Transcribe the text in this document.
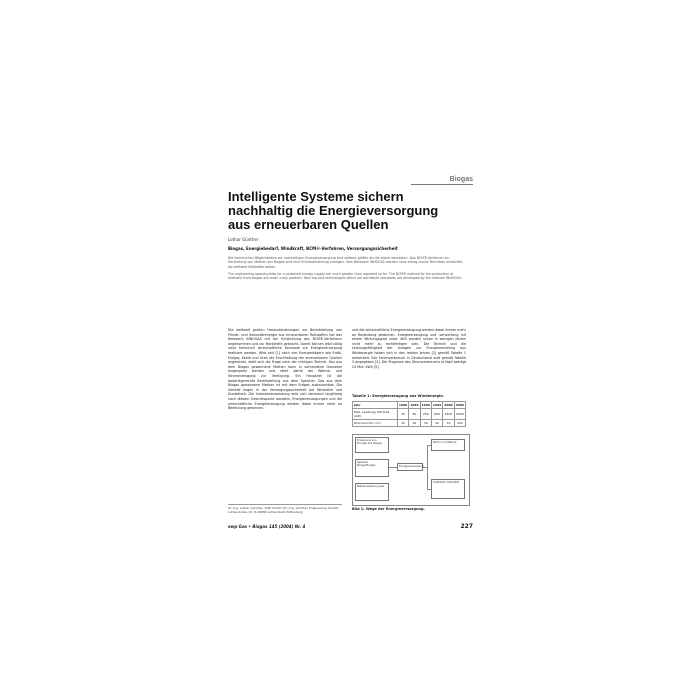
Biogas
Intelligente Systeme sichern nachhaltig die Energieversorgung aus erneuerbaren Quellen
Lothar Günther
Biogas, Energiebedarf, Windkraft, BCM®-Verfahren, Versorgungssicherheit

Die technischen Möglichkeiten zur nachhaltigen Energieversorgung sind weitaus größer als die bisher benutzten. Das BCM®-Verfahren zur Herstellung von Methan aus Biogas wird eine Schlüsselstellung erlangen. Vom Netzwerk INNOGAS werden neue ertrag-reiche Techniken entwickelt, die weltweit Maßstäbe setzen.

The engineering opportunities for a sustained energy supply are much greater than regarded so far. The BCM® method for the production of methane from biogas will reach a key position. New low-loss technologies which set worldwide standards are developed by the network INNOGAS.

Die weltweit großen Herausforderungen zur Bereitstellung von Primär- und Sekundärenergie aus erneuerbaren Rohstoffen hat das Netzwerk INNOGAS mit der Entwicklung des BCM®-Verfahrens angenommen und zur Marktreife gebracht. Damit können jetzt völlig neue technisch wirtschaftliche Konzepte zur Energieversorgung realisiert werden. Wird seit [1] nach vier Energieträgern wie Erdöl, Erdgas, Kohle und Uran die Erschließung der erneuerbaren Quellen angestrebt, stellt sich die Frage nach der richtigen Technik. Das aus dem Biogas gewonnene Methan kann in vorhandene Gasnetze eingespeist werden und steht damit der Wärme- und Stromerzeugung zur Verfügung. Ein Hauptziel ist die bedarfsgerechte Bereitstellung aus dem Speicher. Das aus dem Biogas gewonnene Methan ist mit dem Erdgas austauschbar. Die Vorteile liegen in der Versorgungssicherheit bei Windstille und Dunkelheit. Die Industrieanwendung wird sich demnach langfristig nach diesem Gesichtspunkt wandeln, Energieversorgungen und die wirtschaftliche Energieerzeugung werden dabei immer mehr an Bedeutung gewinnen.

und die wirtschaftliche Energieerzeugung werden dabei immer mehr an Bedeutung gewinnen. Energieerzeugung und -verwertung mit einem Wirkungsgrad unter 40% werden schon in wenigen Jahren nicht mehr zu rechtfertigen sein. Die Technik und die Leistungsfähigkeit der Anlagen zur Energiewandlung aus Windenergie haben sich in den letzten Jahren [2] gemäß Tabelle 1 entwickelt. Der Stromverbrauch in Deutschland wird gemäß Tabelle 2 angegeben [4]. Die Prognose des Stromverbrauchs je Kopf beträgt 24 Mrd. kWh [5].

Tabelle 1: Energieerzeugung aus Windenergie.
Jahr	1980	1985	1990	1995	2000	2005
Max. Leistung/ Windrad (kW)	30	80	250	600	1500	5000
Rotordurchm. (m)	15	20	30	50	70	120
Erzeugung von Energie aus Biogas
Speicher Biogas/Erdgas
Netzeinspeisung Gas
Energieversorgung
Strom und Wärme
Kraftstoff / Mobilität
Bild 1: Wege der Energieversorgung.

Dr.-Ing. Lothar Günther, DGE GmbH (Dr.-Ing. Günther Engineering GmbH), Lutherstraße 15, D-06886 Lutherstadt Wittenberg

ewp Gas • Biogas 145 (2004) Nr. 4	227
